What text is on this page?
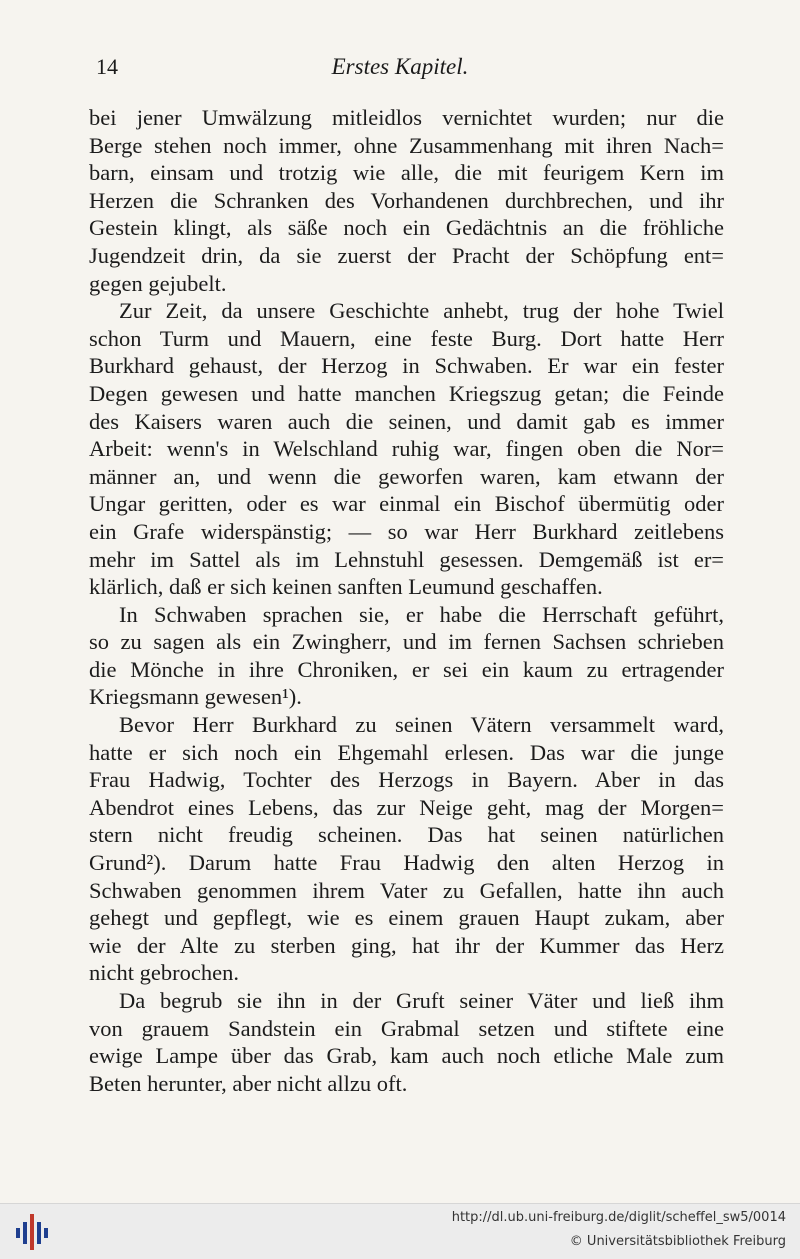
14	Erstes Kapitel.
bei jener Umwälzung mitleidlos vernichtet wurden; nur die
Berge stehen noch immer, ohne Zusammenhang mit ihren Nach=
barn, einsam und trotzig wie alle, die mit feurigem Kern im
Herzen die Schranken des Vorhandenen durchbrechen, und ihr
Gestein klingt, als säße noch ein Gedächtnis an die fröhliche
Jugendzeit drin, da sie zuerst der Pracht der Schöpfung ent=
gegen gejubelt.
Zur Zeit, da unsere Geschichte anhebt, trug der hohe Twiel
schon Turm und Mauern, eine feste Burg. Dort hatte Herr
Burkhard gehaust, der Herzog in Schwaben. Er war ein fester
Degen gewesen und hatte manchen Kriegszug getan; die Feinde
des Kaisers waren auch die seinen, und damit gab es immer
Arbeit: wenn's in Welschland ruhig war, fingen oben die Nor=
männer an, und wenn die geworfen waren, kam etwann der
Ungar geritten, oder es war einmal ein Bischof übermütig oder
ein Grafe widerspänstig; — so war Herr Burkhard zeitlebens
mehr im Sattel als im Lehnstuhl gesessen. Demgemäß ist er=
klärlich, daß er sich keinen sanften Leumund geschaffen.
In Schwaben sprachen sie, er habe die Herrschaft geführt,
so zu sagen als ein Zwingherr, und im fernen Sachsen schrieben
die Mönche in ihre Chroniken, er sei ein kaum zu ertragender
Kriegsmann gewesen¹).
Bevor Herr Burkhard zu seinen Vätern versammelt ward,
hatte er sich noch ein Ehgemahl erlesen. Das war die junge
Frau Hadwig, Tochter des Herzogs in Bayern. Aber in das
Abendrot eines Lebens, das zur Neige geht, mag der Morgen=
stern nicht freudig scheinen. Das hat seinen natürlichen
Grund²). Darum hatte Frau Hadwig den alten Herzog in
Schwaben genommen ihrem Vater zu Gefallen, hatte ihn auch
gehegt und gepflegt, wie es einem grauen Haupt zukam, aber
wie der Alte zu sterben ging, hat ihr der Kummer das Herz
nicht gebrochen.
Da begrub sie ihn in der Gruft seiner Väter und ließ ihm
von grauem Sandstein ein Grabmal setzen und stiftete eine
ewige Lampe über das Grab, kam auch noch etliche Male zum
Beten herunter, aber nicht allzu oft.
http://dl.ub.uni-freiburg.de/diglit/scheffel_sw5/0014
© Universitätsbibliothek Freiburg
